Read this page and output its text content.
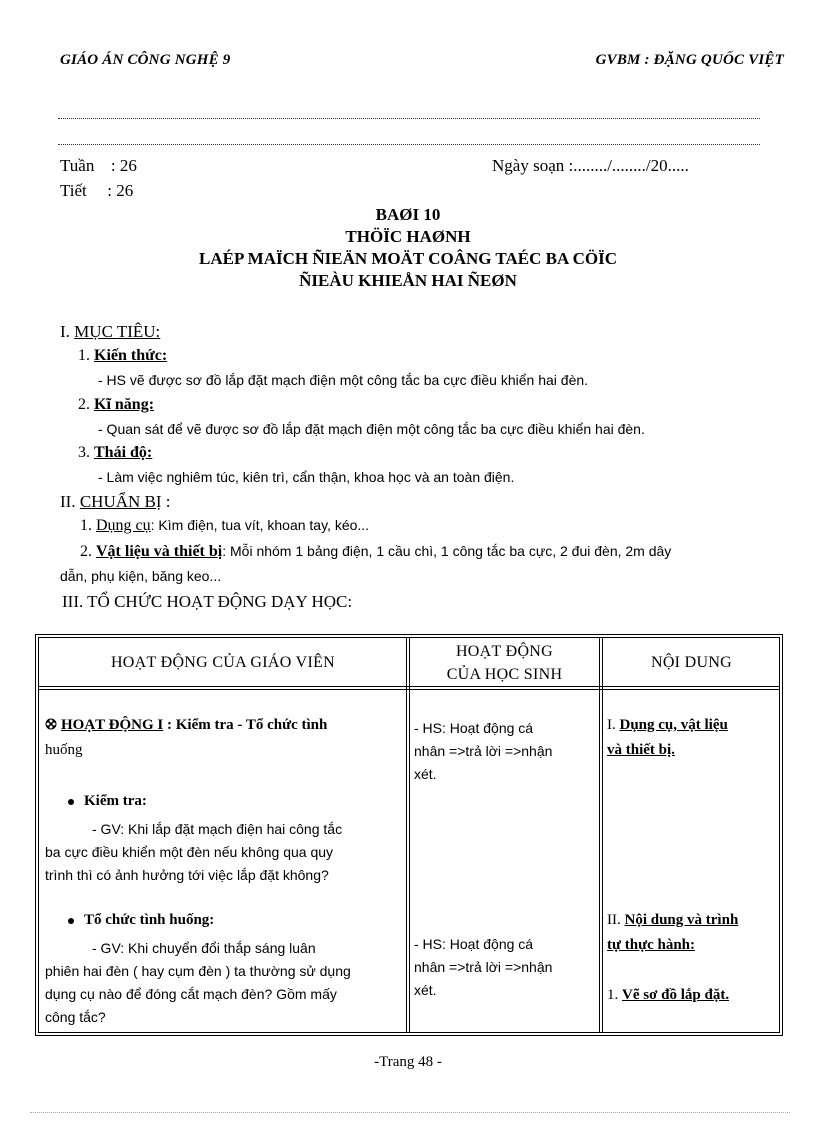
GIÁO ÁN CÔNG NGHỆ 9	GVBM : ĐẶNG QUỐC VIỆT
Tuần : 26
Tiết : 26
Ngày soạn :......../......../20.....
BAØI 10
THÖÏC HAØNH
LAÉP MAÏCH ÑIEÄN MOÄT COÂNG TAÉC BA CÖÏC
ÑIEÀU KHIEÅN HAI ÑEØN
I. MỤC TIÊU:
1. Kiến thức:
- HS vẽ được sơ đồ lắp đặt mạch điện một công tắc ba cực điều khiển hai đèn.
2. Kĩ năng:
- Quan sát để vẽ được sơ đồ lắp đặt mạch điện một công tắc ba cực điều khiển hai đèn.
3. Thái độ:
- Làm việc nghiêm túc, kiên trì, cẩn thận, khoa học và an toàn điện.
II. CHUẨN BỊ :
1. Dụng cụ: Kìm điện, tua vít, khoan tay, kéo...
2. Vật liệu và thiết bị: Mỗi nhóm 1 bảng điện, 1 cầu chì, 1 công tắc ba cực, 2 đui đèn, 2m dây
dẫn, phụ kiện, băng keo...
III. TỔ CHỨC HOẠT ĐỘNG DẠY HỌC:
HOẠT ĐỘNG CỦA GIÁO VIÊN
HOẠT ĐỘNG
CỦA HỌC SINH
NỘI DUNG
HOẠT ĐỘNG I : Kiểm tra - Tổ chức tình
huống
Kiểm tra:
- GV: Khi lắp đặt mạch điện hai công tắc
ba cực điều khiển một đèn nếu không qua quy
trình thì có ảnh hưởng tới việc lắp đặt không?
Tổ chức tình huống:
- GV: Khi chuyển đổi thắp sáng luân
phiên hai đèn ( hay cụm đèn ) ta thường sử dụng
dụng cụ nào để đóng cắt mạch đèn? Gồm mấy
công tắc?
- HS: Hoạt động cá
nhân =>trả lời =>nhận
xét.
- HS: Hoạt động cá
nhân =>trả lời =>nhận
xét.
I. Dụng cụ, vật liệu
và thiết bị.
II. Nội dung và trình
tự thực hành:
1. Vẽ sơ đồ lắp đặt.
-Trang 48 -
